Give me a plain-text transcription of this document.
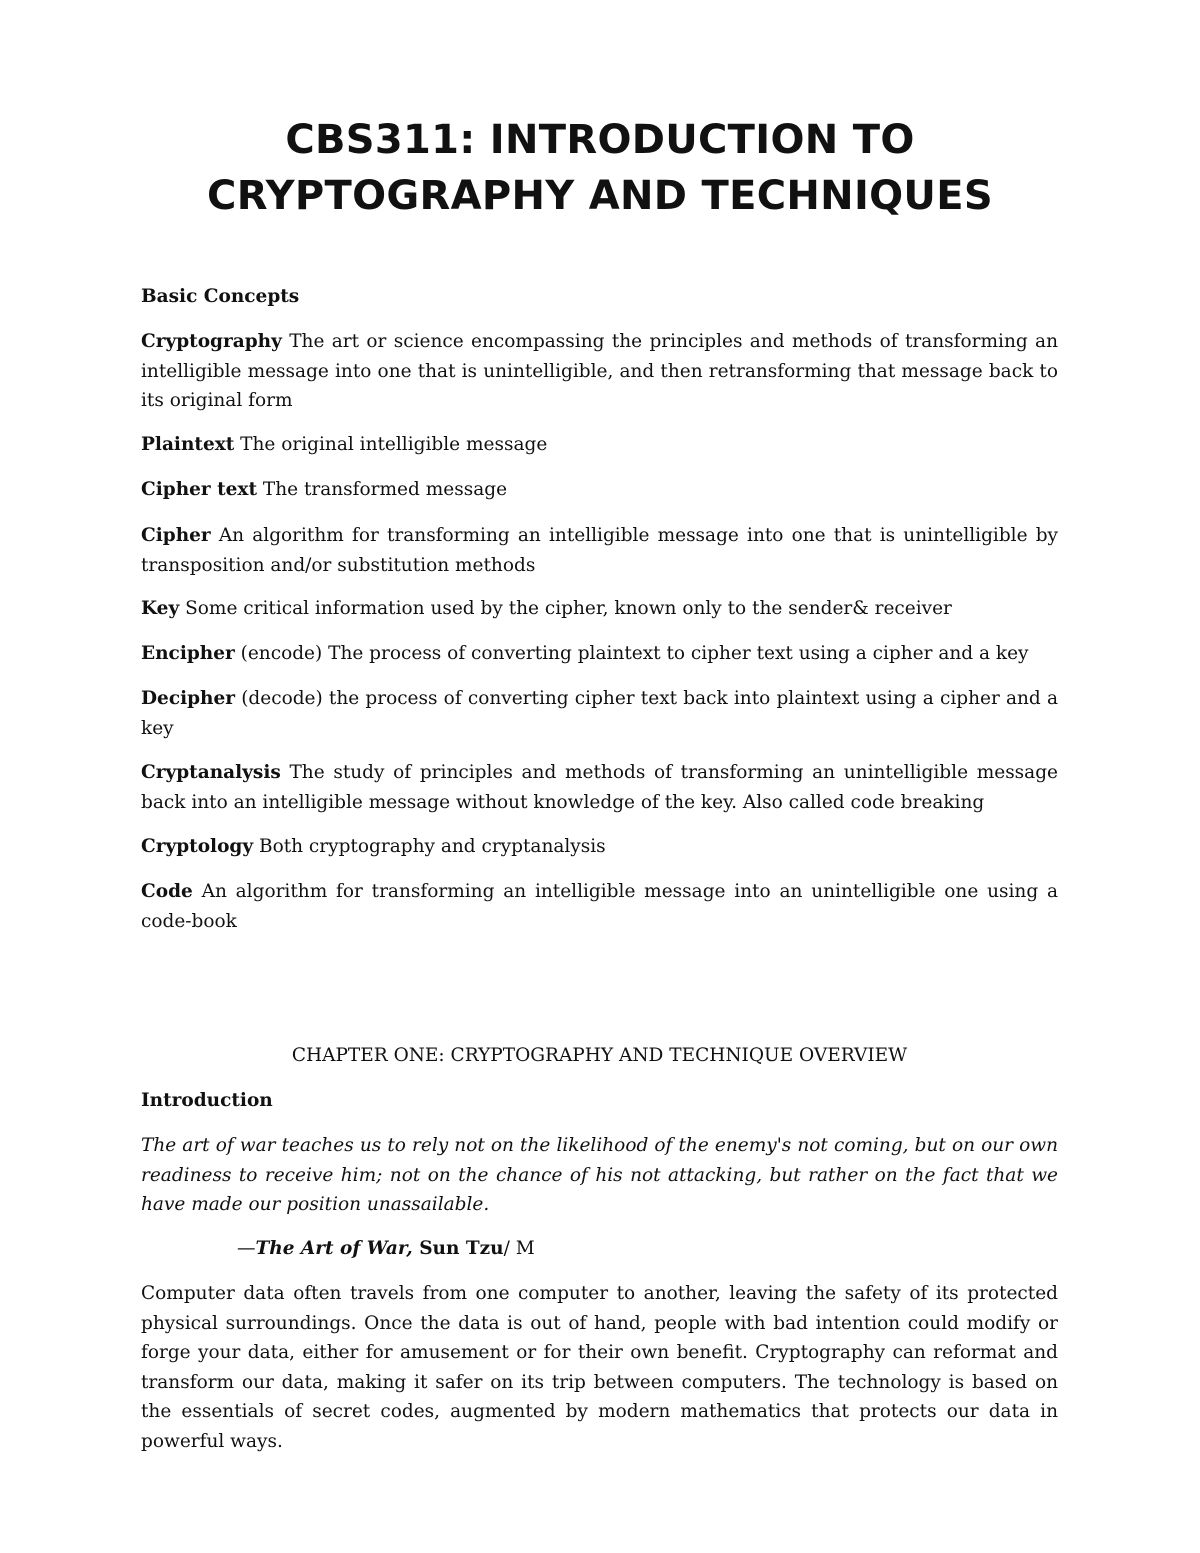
CBS311: INTRODUCTION TO
CRYPTOGRAPHY AND TECHNIQUES

Basic Concepts

Cryptography The art or science encompassing the principles and methods of transforming an intelligible message into one that is unintelligible, and then retransforming that message back to its original form

Plaintext The original intelligible message

Cipher text The transformed message

Cipher An algorithm for transforming an intelligible message into one that is unintelligible by transposition and/or substitution methods

Key Some critical information used by the cipher, known only to the sender& receiver

Encipher (encode) The process of converting plaintext to cipher text using a cipher and a key

Decipher (decode) the process of converting cipher text back into plaintext using a cipher and a key

Cryptanalysis The study of principles and methods of transforming an unintelligible message back into an intelligible message without knowledge of the key. Also called code breaking

Cryptology Both cryptography and cryptanalysis

Code An algorithm for transforming an intelligible message into an unintelligible one using a code-book

CHAPTER ONE: CRYPTOGRAPHY AND TECHNIQUE OVERVIEW

Introduction

The art of war teaches us to rely not on the likelihood of the enemy's not coming, but on our own readiness to receive him; not on the chance of his not attacking, but rather on the fact that we have made our position unassailable.

—The Art of War, Sun Tzu/ M

Computer data often travels from one computer to another, leaving the safety of its protected physical surroundings. Once the data is out of hand, people with bad intention could modify or forge your data, either for amusement or for their own benefit. Cryptography can reformat and transform our data, making it safer on its trip between computers. The technology is based on the essentials of secret codes, augmented by modern mathematics that protects our data in powerful ways.
